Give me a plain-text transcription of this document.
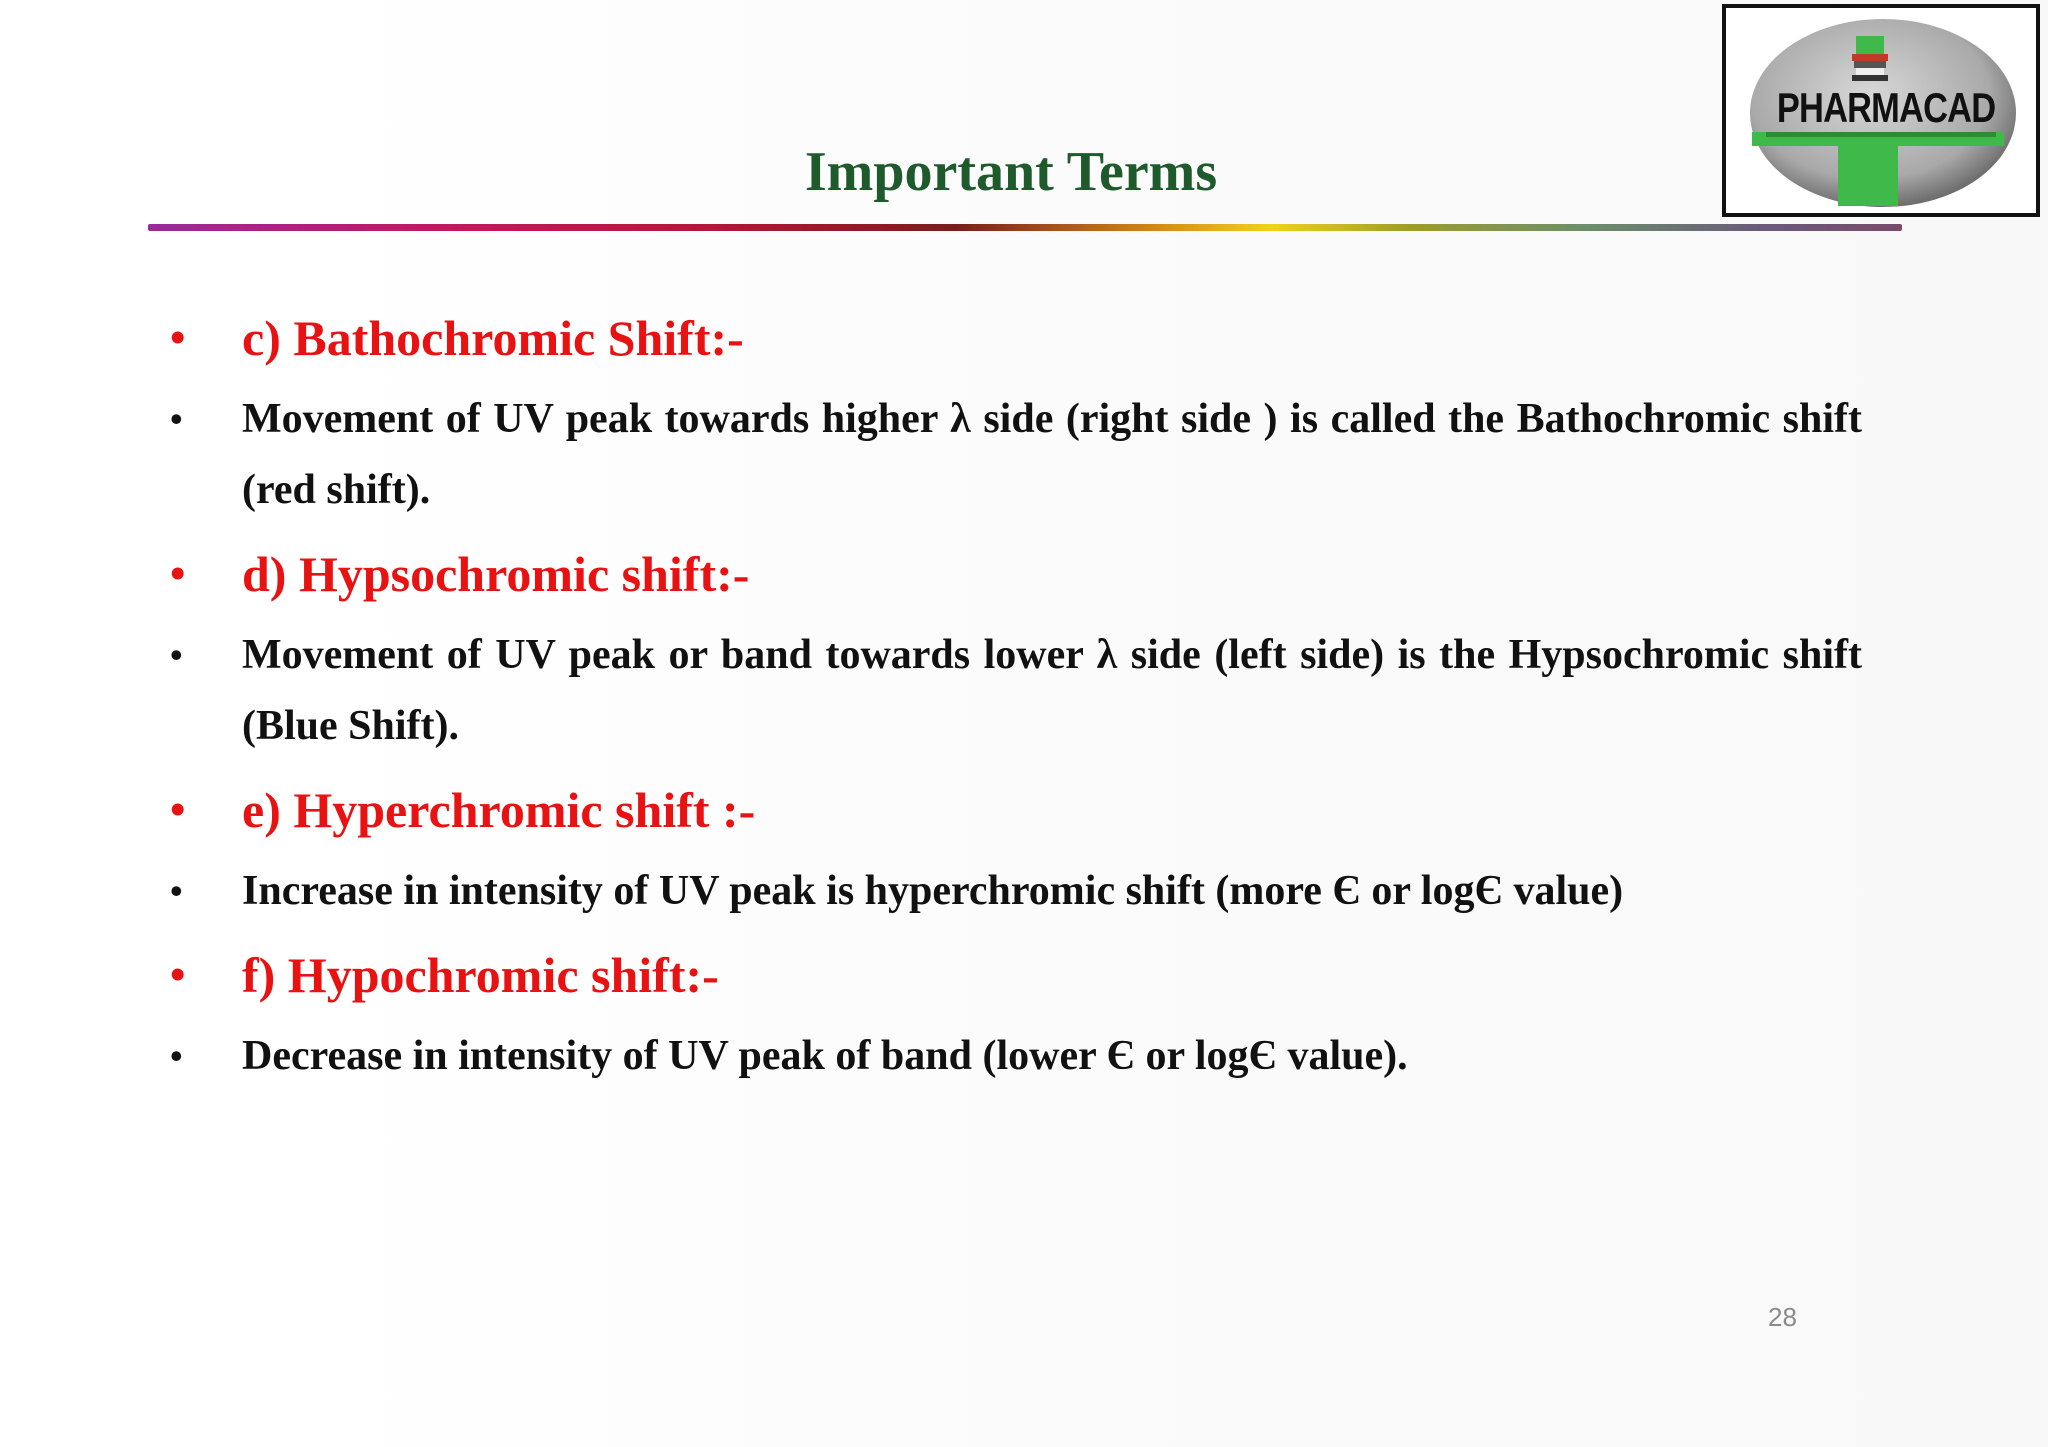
Important Terms
PHARMACAD
• c) Bathochromic Shift:-
•	Movement of UV peak towards higher λ side (right side ) is called the Bathochromic shift (red shift).
• d) Hypsochromic shift:-
•	Movement of UV peak or band towards lower λ side (left side) is the Hypsochromic shift (Blue Shift).
• e) Hyperchromic shift :-
•	Increase in intensity of UV peak is hyperchromic shift (more Є or logЄ value)
• f) Hypochromic shift:-
•	Decrease in intensity of UV peak of band (lower Є or logЄ value).
28
